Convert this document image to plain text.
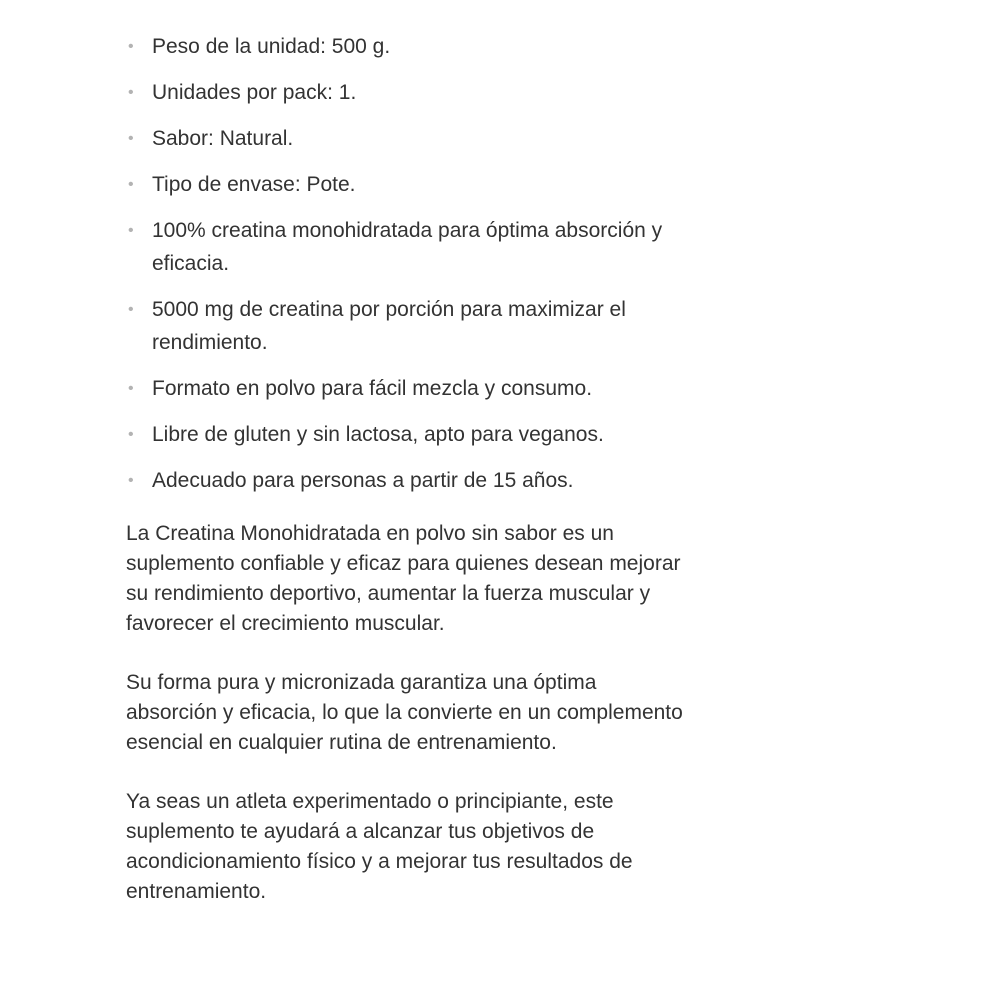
• Peso de la unidad: 500 g.
• Unidades por pack: 1.
• Sabor: Natural.
• Tipo de envase: Pote.
• 100% creatina monohidratada para óptima absorción y eficacia.
• 5000 mg de creatina por porción para maximizar el rendimiento.
• Formato en polvo para fácil mezcla y consumo.
• Libre de gluten y sin lactosa, apto para veganos.
• Adecuado para personas a partir de 15 años.

La Creatina Monohidratada en polvo sin sabor es un suplemento confiable y eficaz para quienes desean mejorar su rendimiento deportivo, aumentar la fuerza muscular y favorecer el crecimiento muscular.

Su forma pura y micronizada garantiza una óptima absorción y eficacia, lo que la convierte en un complemento esencial en cualquier rutina de entrenamiento.

Ya seas un atleta experimentado o principiante, este suplemento te ayudará a alcanzar tus objetivos de acondicionamiento físico y a mejorar tus resultados de entrenamiento.
